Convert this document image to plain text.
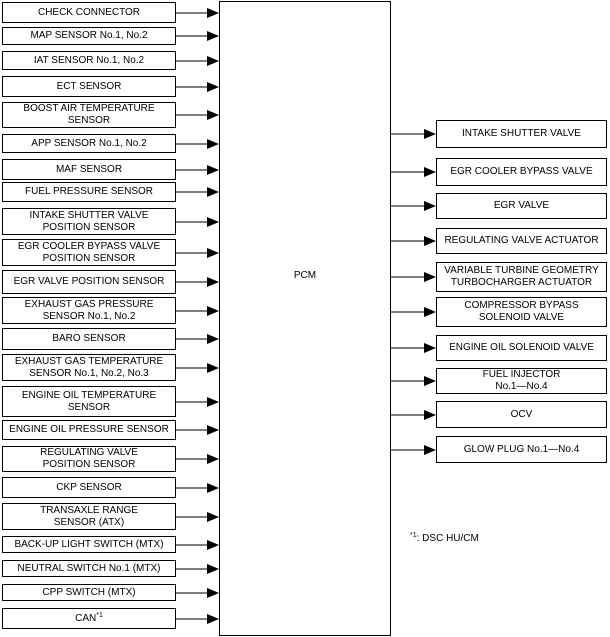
PCM
CHECK CONNECTOR
MAP SENSOR No.1, No.2
IAT SENSOR No.1, No.2
ECT SENSOR
BOOST AIR TEMPERATURE
SENSOR
APP SENSOR No.1, No.2
MAF SENSOR
FUEL PRESSURE SENSOR
INTAKE SHUTTER VALVE
POSITION SENSOR
EGR COOLER BYPASS VALVE
POSITION SENSOR
EGR VALVE POSITION SENSOR
EXHAUST GAS PRESSURE
SENSOR No.1, No.2
BARO SENSOR
EXHAUST GAS TEMPERATURE
SENSOR No.1, No.2, No.3
ENGINE OIL TEMPERATURE
SENSOR
ENGINE OIL PRESSURE SENSOR
REGULATING VALVE
POSITION SENSOR
CKP SENSOR
TRANSAXLE RANGE
SENSOR (ATX)
BACK-UP LIGHT SWITCH (MTX)
NEUTRAL SWITCH No.1 (MTX)
CPP SWITCH (MTX)
CAN$^{*1}$
INTAKE SHUTTER VALVE
EGR COOLER BYPASS VALVE
EGR VALVE
REGULATING VALVE ACTUATOR
VARIABLE TURBINE GEOMETRY
TURBOCHARGER ACTUATOR
COMPRESSOR BYPASS
SOLENOID VALVE
ENGINE OIL SOLENOID VALVE
FUEL INJECTOR
No.1—No.4
OCV
GLOW PLUG No.1—No.4
$^{*1}$: DSC HU/CM
